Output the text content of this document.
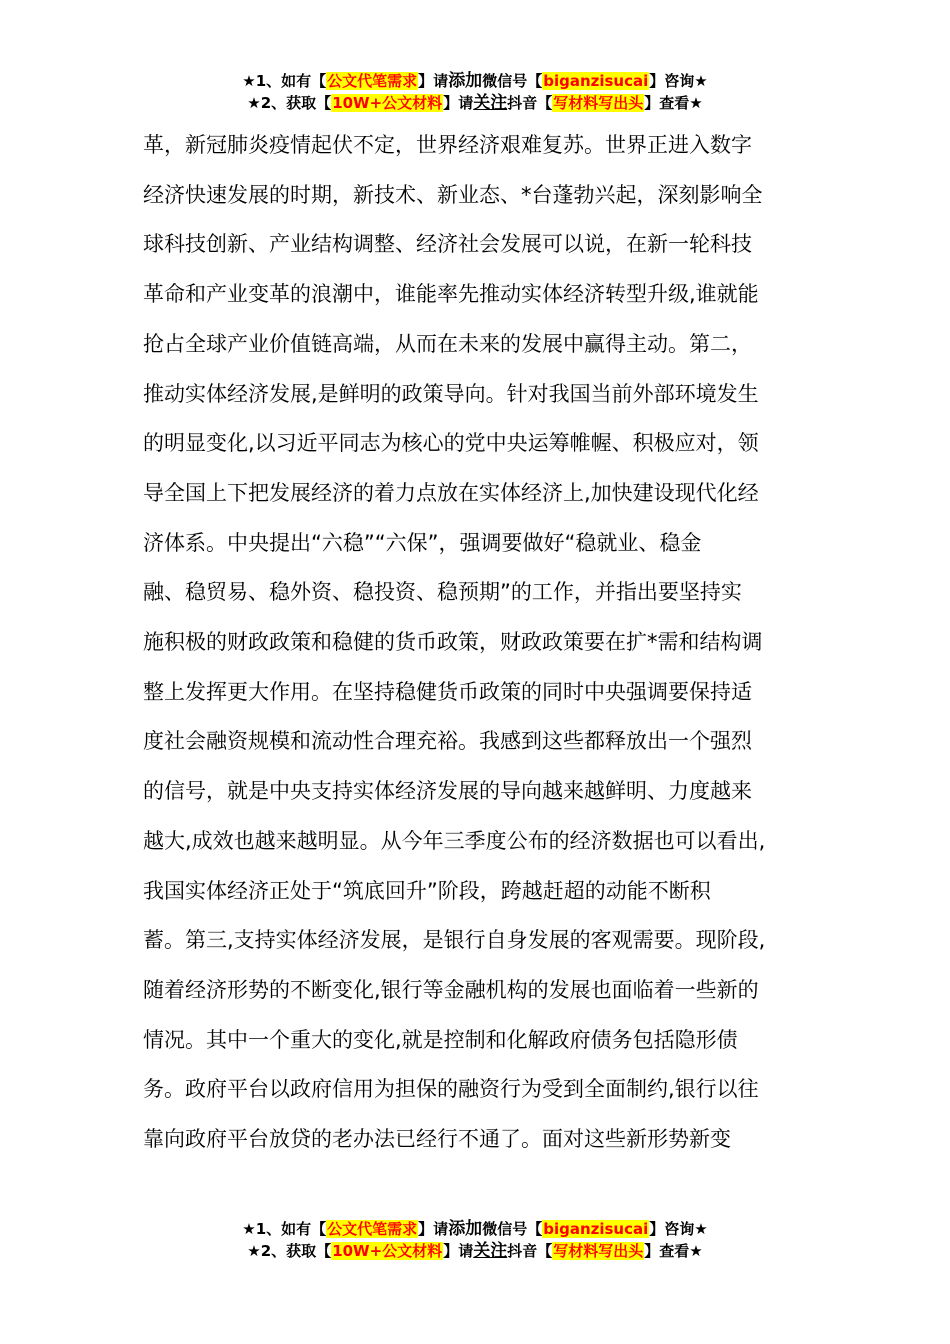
★1、如有【公文代笔需求】请添加微信号【biganzisucai】咨询★
★2、获取【10W+公文材料】请关注抖音【写材料写出头】查看★
革，新冠肺炎疫情起伏不定，世界经济艰难复苏。世界正进入数字
经济快速发展的时期，新技术、新业态、*台蓬勃兴起，深刻影响全
球科技创新、产业结构调整、经济社会发展可以说，在新一轮科技
革命和产业变革的浪潮中，谁能率先推动实体经济转型升级,谁就能
抢占全球产业价值链高端，从而在未来的发展中赢得主动。第二，
推动实体经济发展,是鲜明的政策导向。针对我国当前外部环境发生
的明显变化,以习近平同志为核心的党中央运筹帷幄、积极应对，领
导全国上下把发展经济的着力点放在实体经济上,加快建设现代化经
济体系。中央提出“六稳”“六保”，强调要做好“稳就业、稳金
融、稳贸易、稳外资、稳投资、稳预期”的工作，并指出要坚持实
施积极的财政政策和稳健的货币政策，财政政策要在扩*需和结构调
整上发挥更大作用。在坚持稳健货币政策的同时中央强调要保持适
度社会融资规模和流动性合理充裕。我感到这些都释放出一个强烈
的信号，就是中央支持实体经济发展的导向越来越鲜明、力度越来
越大,成效也越来越明显。从今年三季度公布的经济数据也可以看出,
我国实体经济正处于“筑底回升”阶段，跨越赶超的动能不断积
蓄。第三,支持实体经济发展，是银行自身发展的客观需要。现阶段,
随着经济形势的不断变化,银行等金融机构的发展也面临着一些新的
情况。其中一个重大的变化,就是控制和化解政府债务包括隐形债
务。政府平台以政府信用为担保的融资行为受到全面制约,银行以往
靠向政府平台放贷的老办法已经行不通了。面对这些新形势新变
★1、如有【公文代笔需求】请添加微信号【biganzisucai】咨询★
★2、获取【10W+公文材料】请关注抖音【写材料写出头】查看★
